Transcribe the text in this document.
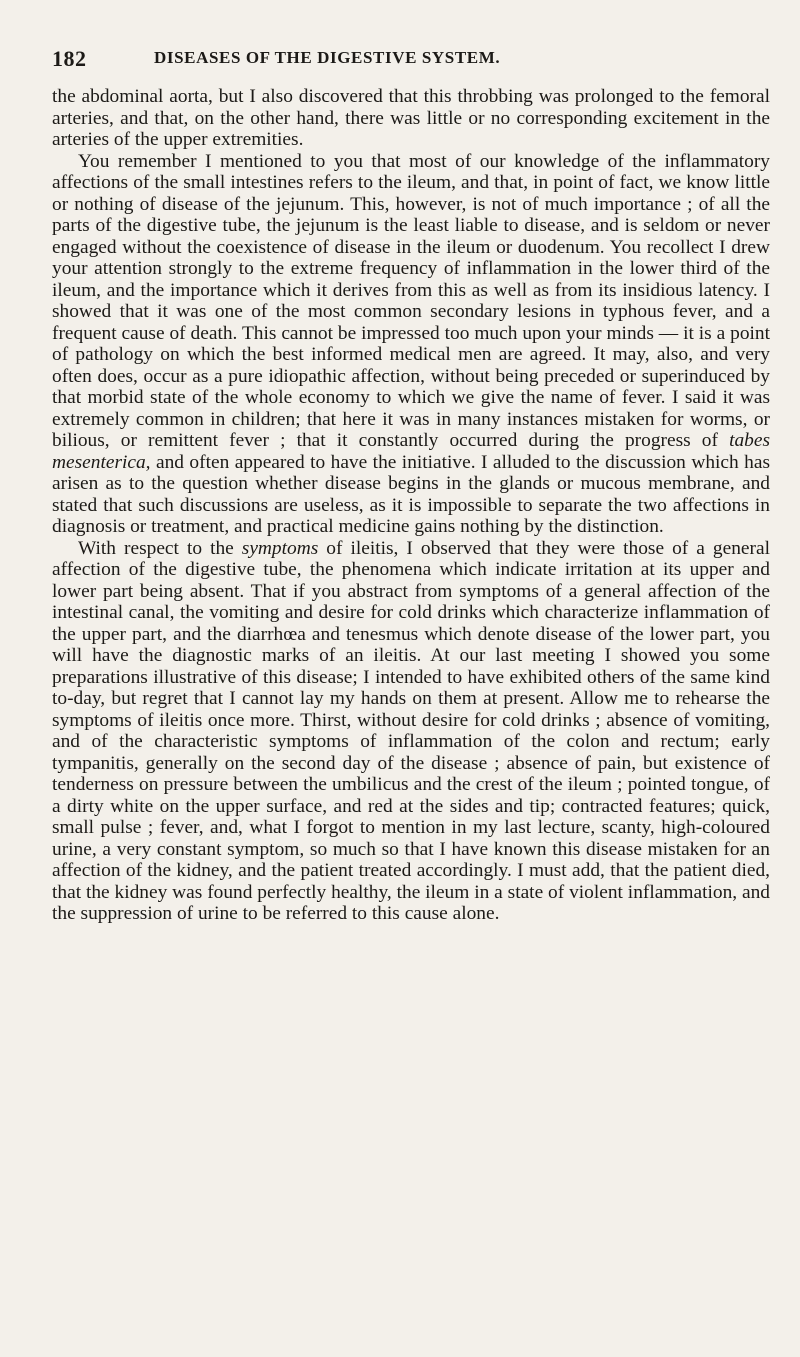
182	DISEASES OF THE DIGESTIVE SYSTEM.

the abdominal aorta, but I also discovered that this throbbing was prolonged to the femoral arteries, and that, on the other hand, there was little or no corresponding excitement in the arteries of the upper extremities.

You remember I mentioned to you that most of our knowledge of the inflammatory affections of the small intestines refers to the ileum, and that, in point of fact, we know little or nothing of disease of the jejunum. This, however, is not of much importance ; of all the parts of the digestive tube, the jejunum is the least liable to disease, and is seldom or never engaged without the coexistence of disease in the ileum or duodenum. You recollect I drew your attention strongly to the extreme frequency of inflammation in the lower third of the ileum, and the importance which it derives from this as well as from its insidious latency. I showed that it was one of the most common secondary lesions in typhous fever, and a frequent cause of death. This cannot be impressed too much upon your minds — it is a point of pathology on which the best informed medical men are agreed. It may, also, and very often does, occur as a pure idiopathic affection, without being preceded or superinduced by that morbid state of the whole economy to which we give the name of fever. I said it was extremely common in children; that here it was in many instances mistaken for worms, or bilious, or remittent fever ; that it constantly occurred during the progress of tabes mesenterica, and often appeared to have the initiative. I alluded to the discussion which has arisen as to the question whether disease begins in the glands or mucous membrane, and stated that such discussions are useless, as it is impossible to separate the two affections in diagnosis or treatment, and practical medicine gains nothing by the distinction.

With respect to the symptoms of ileitis, I observed that they were those of a general affection of the digestive tube, the phenomena which indicate irritation at its upper and lower part being absent. That if you abstract from symptoms of a general affection of the intestinal canal, the vomiting and desire for cold drinks which characterize inflammation of the upper part, and the diarrhœa and tenesmus which denote disease of the lower part, you will have the diagnostic marks of an ileitis. At our last meeting I showed you some preparations illustrative of this disease; I intended to have exhibited others of the same kind to-day, but regret that I cannot lay my hands on them at present. Allow me to rehearse the symptoms of ileitis once more. Thirst, without desire for cold drinks ; absence of vomiting, and of the characteristic symptoms of inflammation of the colon and rectum; early tympanitis, generally on the second day of the disease ; absence of pain, but existence of tenderness on pressure between the umbilicus and the crest of the ileum ; pointed tongue, of a dirty white on the upper surface, and red at the sides and tip; contracted features; quick, small pulse ; fever, and, what I forgot to mention in my last lecture, scanty, high-coloured urine, a very constant symptom, so much so that I have known this disease mistaken for an affection of the kidney, and the patient treated accordingly. I must add, that the patient died, that the kidney was found perfectly healthy, the ileum in a state of violent inflammation, and the suppression of urine to be referred to this cause alone.
